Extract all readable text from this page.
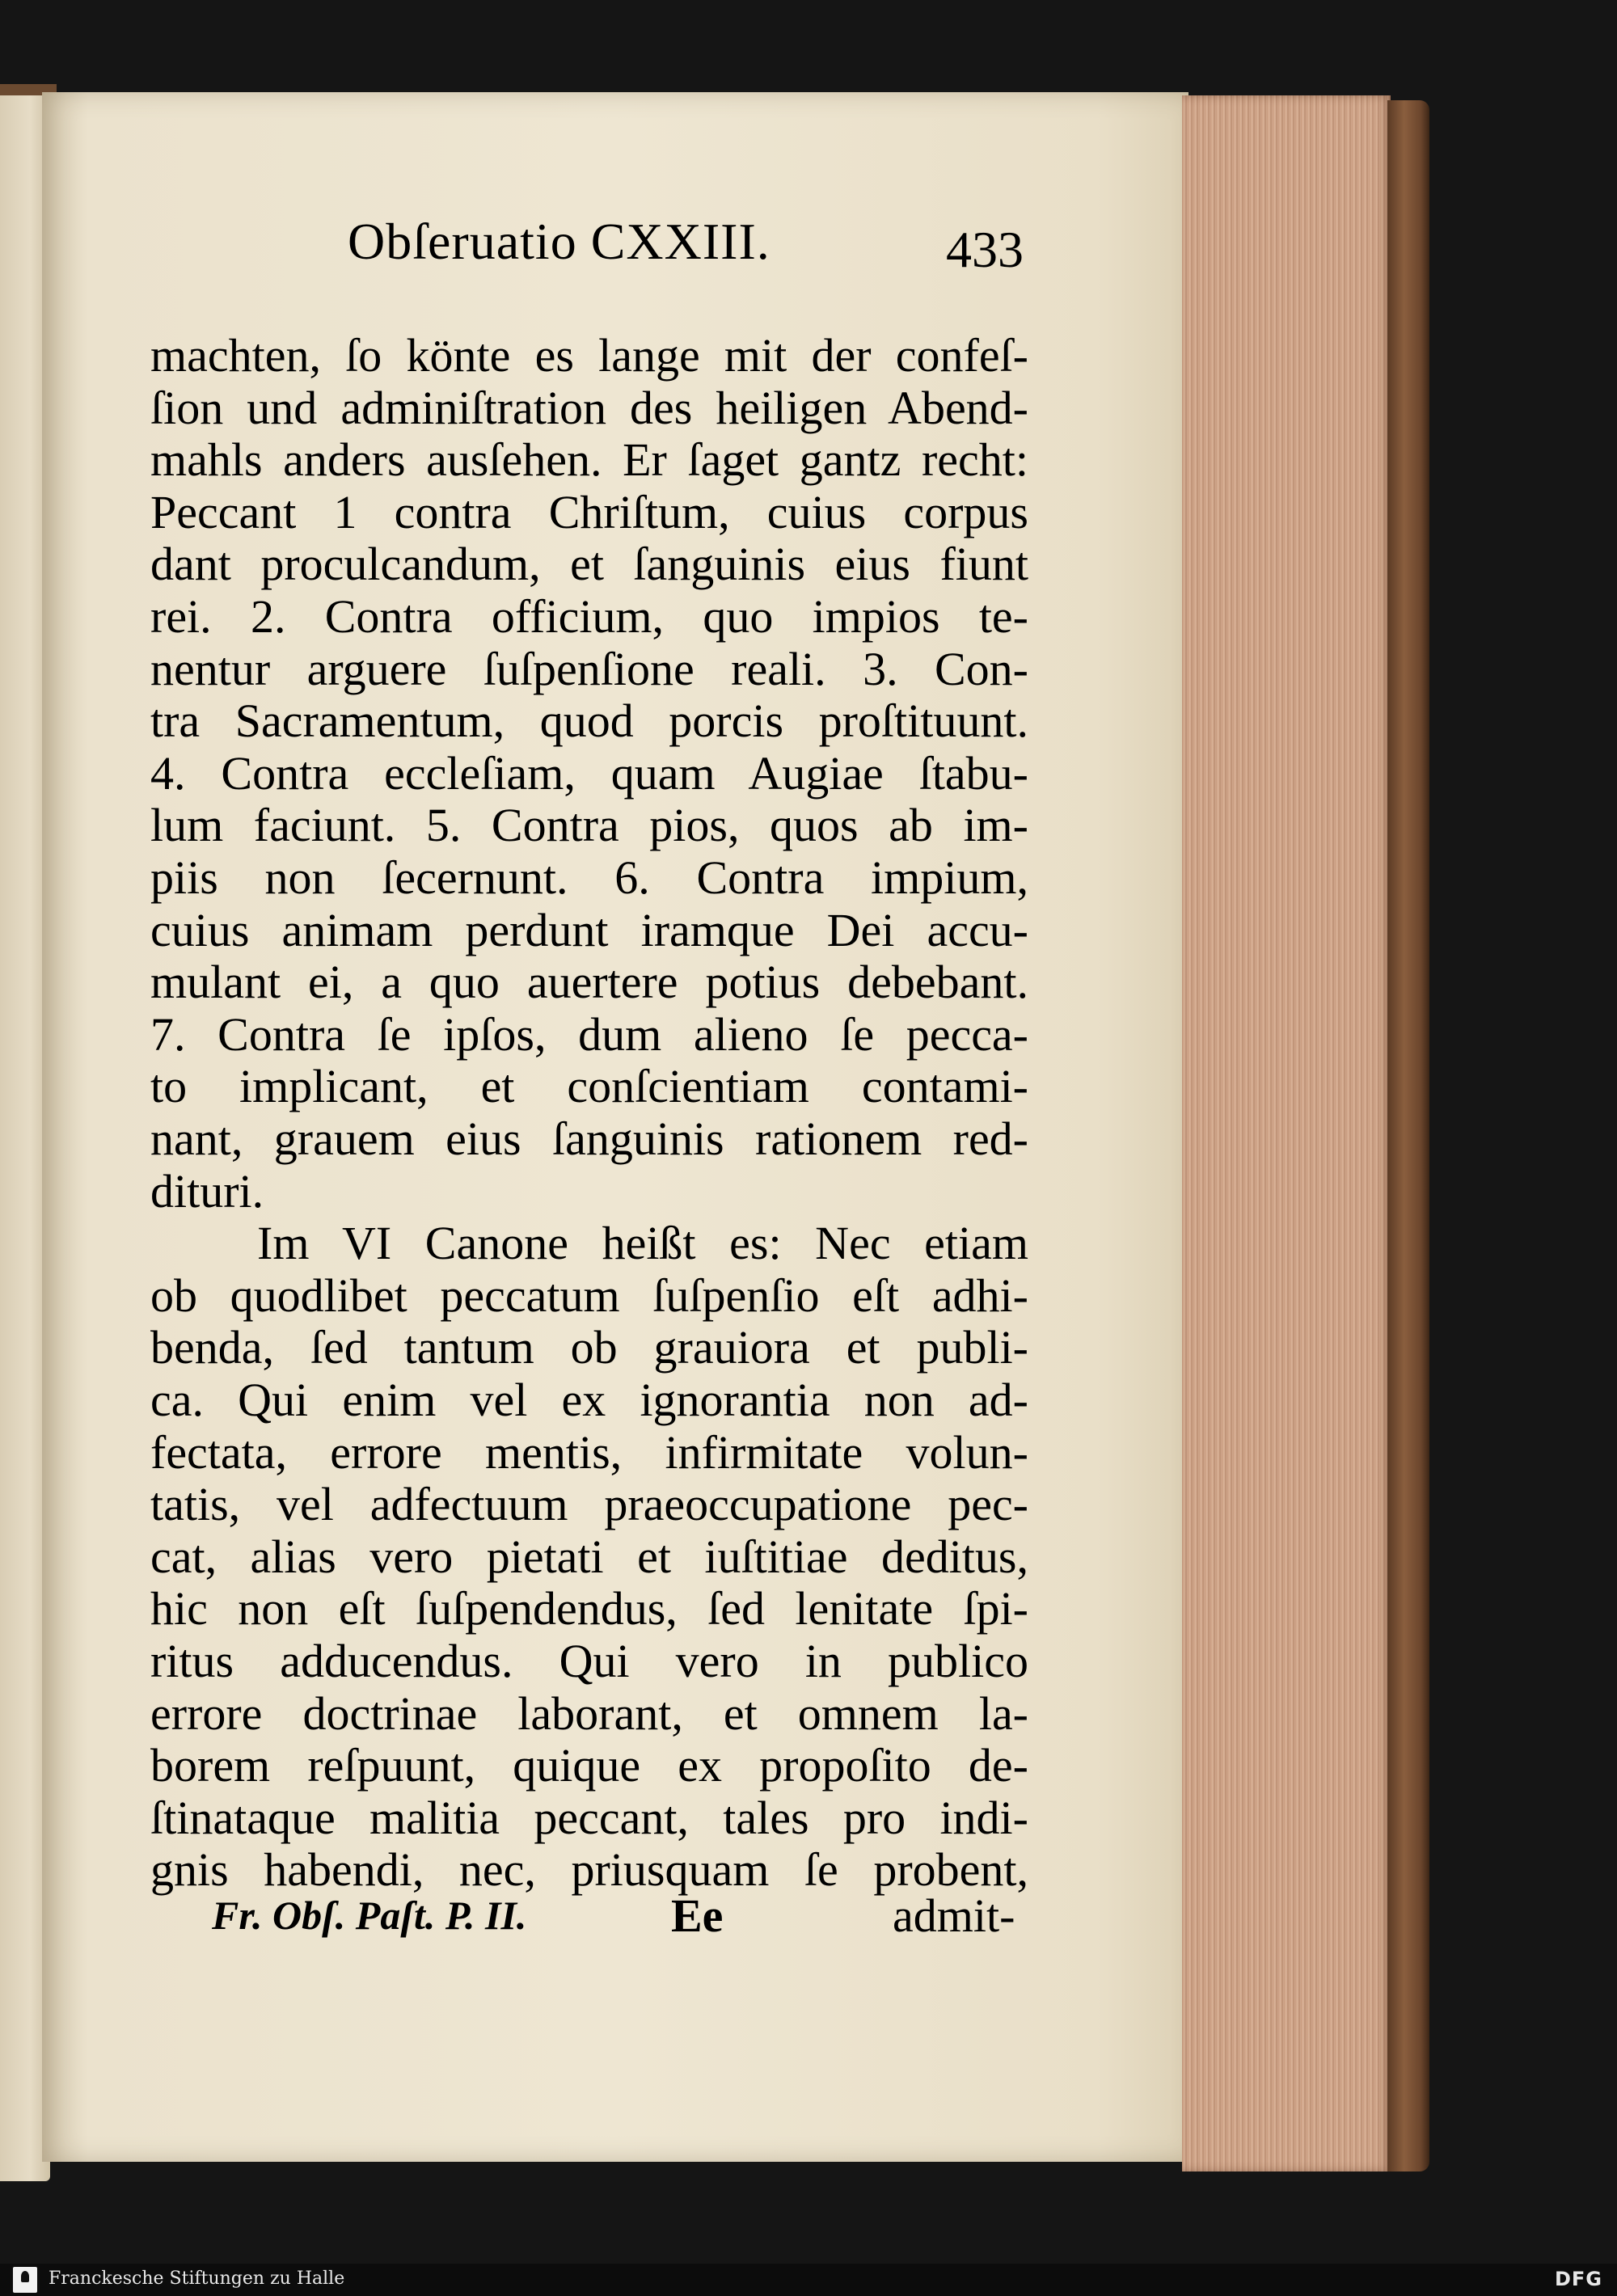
Obſeruatio CXXIII.	433
machten, ſo könte es lange mit der confeſ-
ſion und adminiſtration des heiligen Abend-
mahls anders ausſehen. Er ſaget gantz recht:
Peccant 1 contra Chriſtum, cuius corpus
dant proculcandum, et ſanguinis eius fiunt
rei. 2. Contra officium, quo impios te-
nentur arguere ſuſpenſione reali. 3. Con-
tra Sacramentum, quod porcis proſtituunt.
4. Contra eccleſiam, quam Augiae ſtabu-
lum faciunt. 5. Contra pios, quos ab im-
piis non ſecernunt. 6. Contra impium,
cuius animam perdunt iramque Dei accu-
mulant ei, a quo auertere potius debebant.
7. Contra ſe ipſos, dum alieno ſe pecca-
to implicant, et conſcientiam contami-
nant, grauem eius ſanguinis rationem red-
dituri.
Im VI Canone heißt es: Nec etiam
ob quodlibet peccatum ſuſpenſio eſt adhi-
benda, ſed tantum ob grauiora et publi-
ca. Qui enim vel ex ignorantia non ad-
fectata, errore mentis, infirmitate volun-
tatis, vel adfectuum praeoccupatione pec-
cat, alias vero pietati et iuſtitiae deditus,
hic non eſt ſuſpendendus, ſed lenitate ſpi-
ritus adducendus. Qui vero in publico
errore doctrinae laborant, et omnem la-
borem reſpuunt, quique ex propoſito de-
ſtinataque malitia peccant, tales pro indi-
gnis habendi, nec, priusquam ſe probent,
Fr. Obſ. Paſt. P. II.	Ee	admit-
Franckesche Stiftungen zu Halle	DFG
